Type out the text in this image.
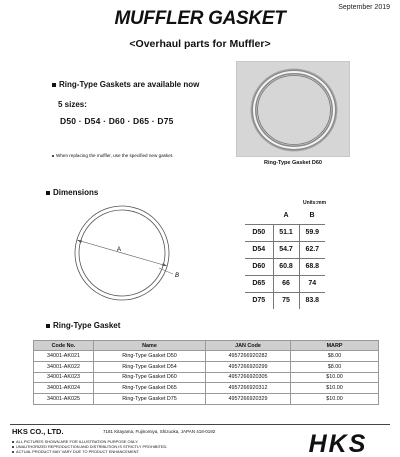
September 2019
MUFFLER GASKET
<Overhaul parts for Muffler>
Ring-Type Gaskets are available now
5 sizes:
D50 · D54 · D60 · D65 · D75
When replacing the muffler, use the specified new gasket.
Ring-Type Gasket D60
Dimensions
A
B
Units:mm
	A	B
D50	51.1	59.9
D54	54.7	62.7
D60	60.8	68.8
D65	66	74
D75	75	83.8
Ring-Type Gasket
Code No.	Name	JAN Code	MARP
34001-AK021	Ring-Type Gasket D50	4957266920282	$8.00
34001-AK022	Ring-Type Gasket D54	4957266920299	$8.00
34001-AK023	Ring-Type Gasket D60	4957266920305	$10.00
34001-AK024	Ring-Type Gasket D65	4957266920312	$10.00
34001-AK025	Ring-Type Gasket D75	4957266920329	$10.00
HKS CO., LTD.	7181 Kitayama, Fujinomiya, Shizuoka, JAPAN 418-0192
ALL PICTURES SHOWN ARE FOR ILLUSTRATION PURPOSE ONLY.
UNAUTHORIZED REPRODUCTION AND DISTRIBUTION IS STRICTLY PROHIBITED.
ACTUAL PRODUCT MAY VARY DUE TO PRODUCT ENHANCEMENT.	HKS
